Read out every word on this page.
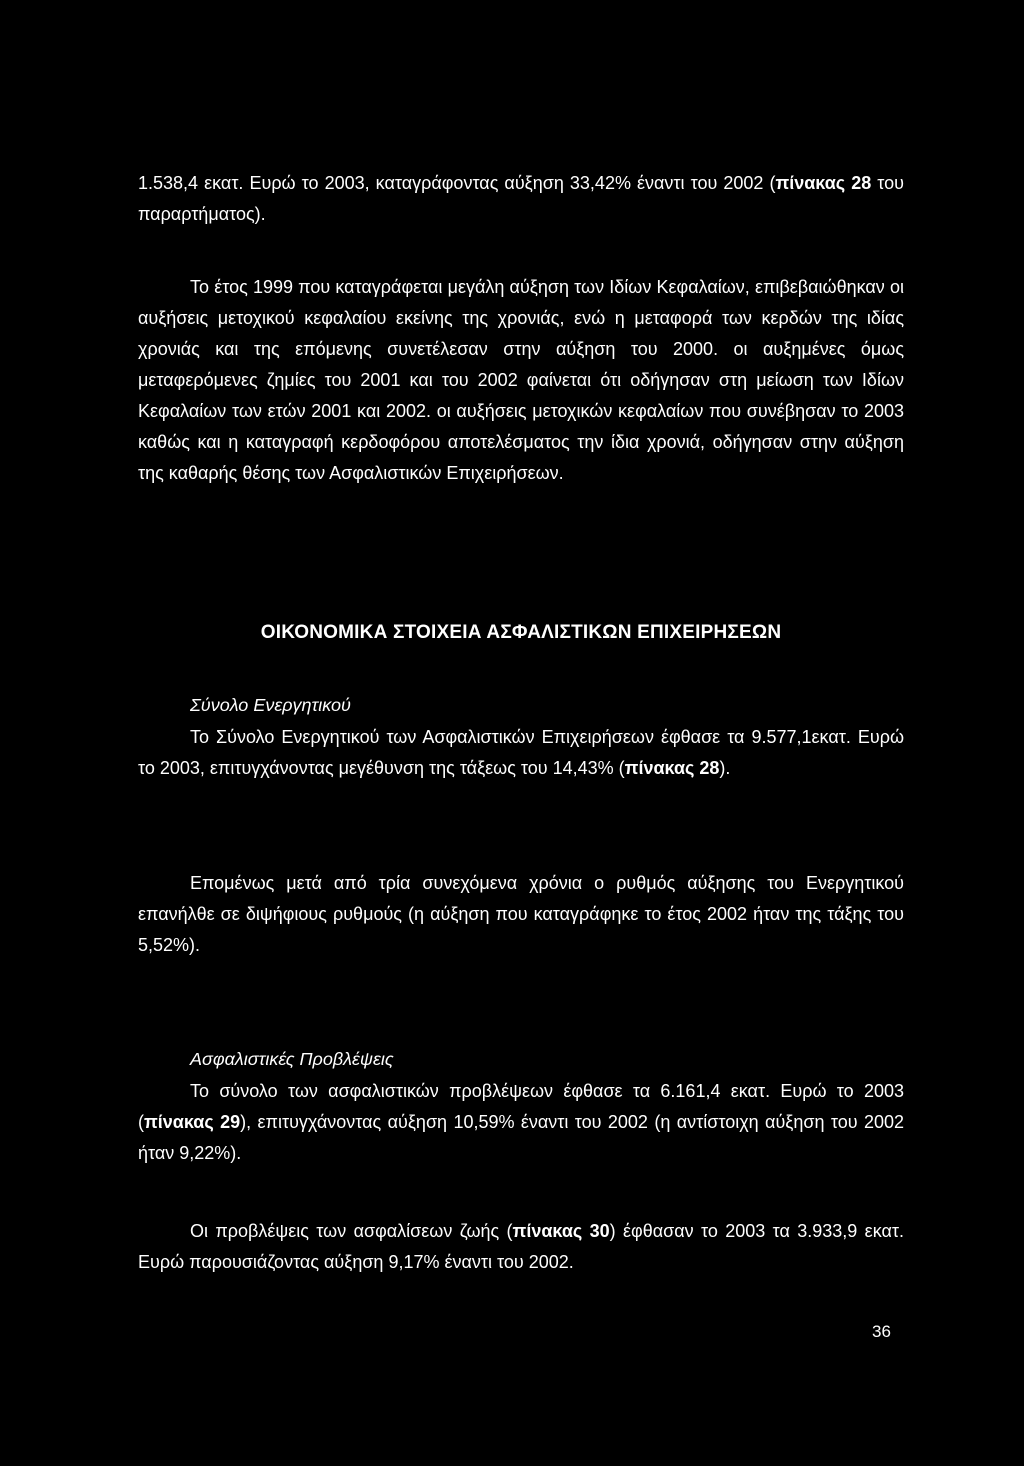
1.538,4 εκατ. Ευρώ το 2003, καταγράφοντας αύξηση 33,42% έναντι του 2002 (πίνακας 28 του παραρτήματος).

Το έτος 1999 που καταγράφεται μεγάλη αύξηση των Ιδίων Κεφαλαίων, επιβεβαιώθηκαν οι αυξήσεις μετοχικού κεφαλαίου εκείνης της χρονιάς, ενώ η μεταφορά των κερδών της ιδίας χρονιάς και της επόμενης συνετέλεσαν στην αύξηση του 2000. οι αυξημένες όμως μεταφερόμενες ζημίες του 2001 και του 2002 φαίνεται ότι οδήγησαν στη μείωση των Ιδίων Κεφαλαίων των ετών 2001 και 2002. οι αυξήσεις μετοχικών κεφαλαίων που συνέβησαν το 2003 καθώς και η καταγραφή κερδοφόρου αποτελέσματος την ίδια χρονιά, οδήγησαν στην αύξηση της καθαρής θέσης των Ασφαλιστικών Επιχειρήσεων.

ΟΙΚΟΝΟΜΙΚΑ ΣΤΟΙΧΕΙΑ ΑΣΦΑΛΙΣΤΙΚΩΝ ΕΠΙΧΕΙΡΗΣΕΩΝ
Σύνολο Ενεργητικού

Το Σύνολο Ενεργητικού των Ασφαλιστικών Επιχειρήσεων έφθασε τα 9.577,1εκατ. Ευρώ το 2003, επιτυγχάνοντας μεγέθυνση της τάξεως του 14,43% (πίνακας 28).

Επομένως μετά από τρία συνεχόμενα χρόνια ο ρυθμός αύξησης του Ενεργητικού επανήλθε σε διψήφιους ρυθμούς (η αύξηση που καταγράφηκε το έτος 2002 ήταν της τάξης του 5,52%).

Ασφαλιστικές Προβλέψεις

Το σύνολο των ασφαλιστικών προβλέψεων έφθασε τα 6.161,4 εκατ. Ευρώ το 2003 (πίνακας 29), επιτυγχάνοντας αύξηση 10,59% έναντι του 2002 (η αντίστοιχη αύξηση του 2002 ήταν 9,22%).

Οι προβλέψεις των ασφαλίσεων ζωής (πίνακας 30) έφθασαν το 2003 τα 3.933,9 εκατ. Ευρώ παρουσιάζοντας αύξηση 9,17% έναντι του 2002.

36
